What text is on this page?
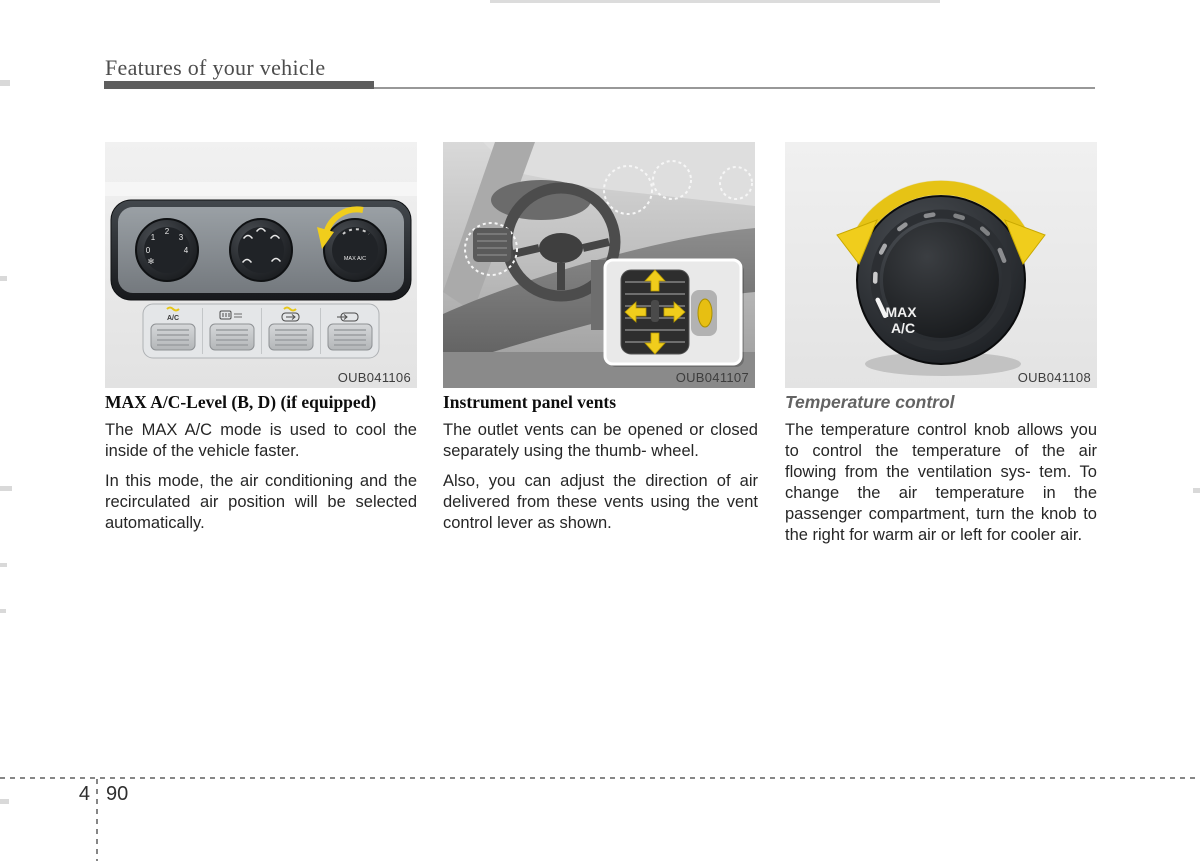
Features of your vehicle
0
1
2
3
4
✻	MAX A/C
A/C
OUB041106	OUB041107
MAX
A/C
OUB041108
MAX A/C-Level (B, D) (if equipped)

The MAX A/C mode is used to cool the inside of the vehicle faster.

In this mode, the air conditioning and the recirculated air position will be selected automatically.

Instrument panel vents

The outlet vents can be opened or closed separately using the thumb- wheel.

Also, you can adjust the direction of air delivered from these vents using the vent control lever as shown.

Temperature control

The temperature control knob allows you to control the temperature of the air flowing from the ventilation sys- tem. To change the air temperature in the passenger compartment, turn the knob to the right for warm air or left for cooler air.

4 90
